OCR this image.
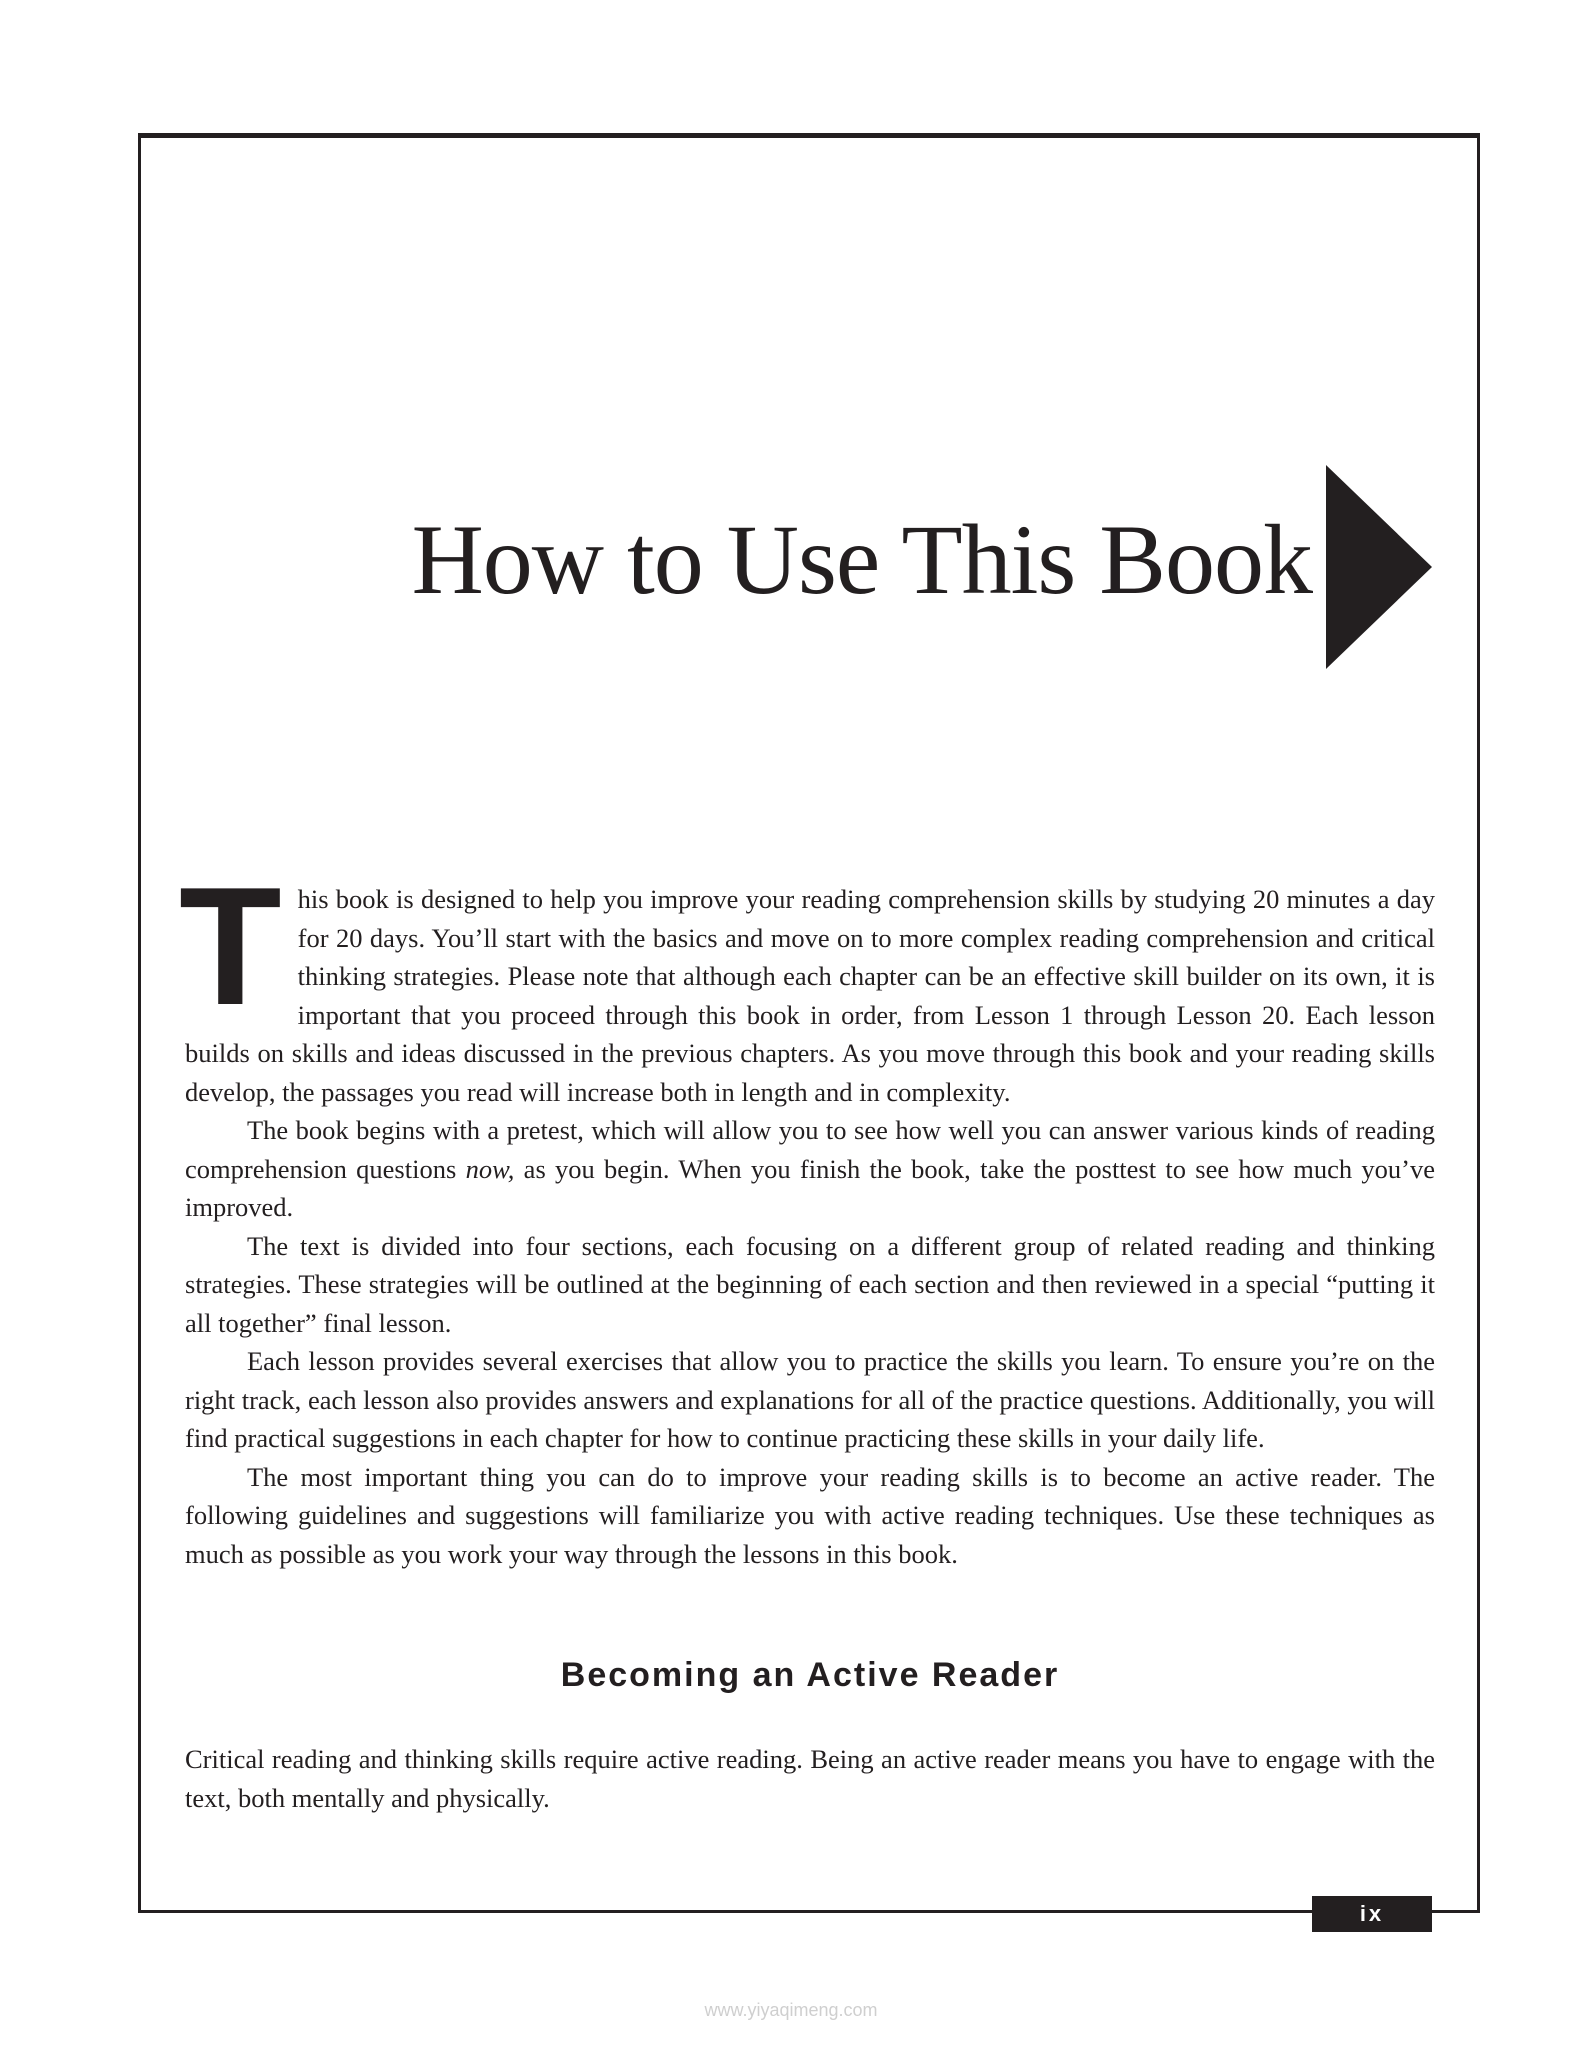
How to Use This Book

This book is designed to help you improve your reading comprehension skills by studying 20 minutes a day for 20 days. You’ll start with the basics and move on to more complex reading comprehension and critical thinking strategies. Please note that although each chapter can be an effective skill builder on its own, it is important that you proceed through this book in order, from Lesson 1 through Lesson 20. Each lesson builds on skills and ideas discussed in the previous chapters. As you move through this book and your reading skills develop, the passages you read will increase both in length and in complexity.

The book begins with a pretest, which will allow you to see how well you can answer various kinds of reading comprehension questions now, as you begin. When you finish the book, take the posttest to see how much you’ve improved.

The text is divided into four sections, each focusing on a different group of related reading and thinking strategies. These strategies will be outlined at the beginning of each section and then reviewed in a special “putting it all together” final lesson.

Each lesson provides several exercises that allow you to practice the skills you learn. To ensure you’re on the right track, each lesson also provides answers and explanations for all of the practice questions. Additionally, you will find practical suggestions in each chapter for how to continue practicing these skills in your daily life.

The most important thing you can do to improve your reading skills is to become an active reader. The following guidelines and suggestions will familiarize you with active reading techniques. Use these techniques as much as possible as you work your way through the lessons in this book.

Becoming an Active Reader

Critical reading and thinking skills require active reading. Being an active reader means you have to engage with the text, both mentally and physically.

ix
www.yiyaqimeng.com
